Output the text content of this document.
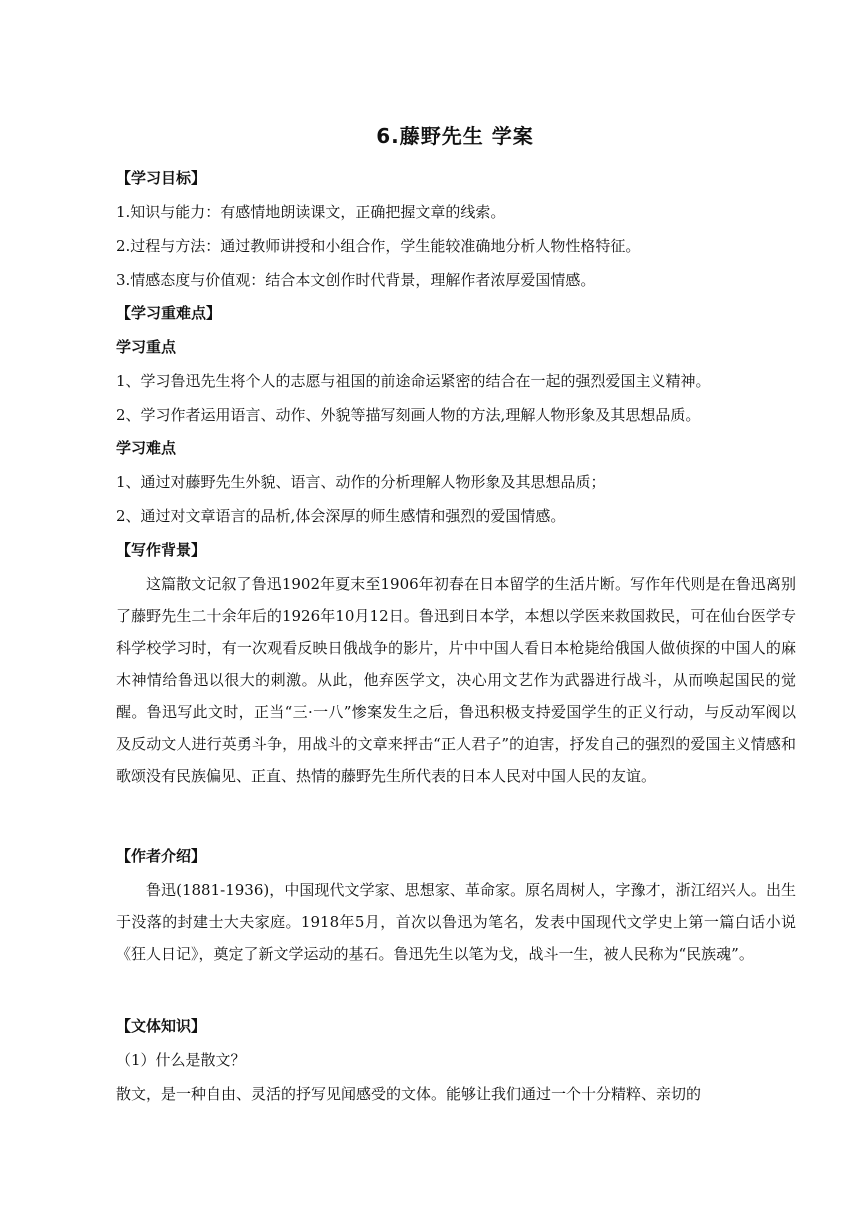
6.藤野先生 学案
【学习目标】
1.知识与能力：有感情地朗读课文，正确把握文章的线索。
2.过程与方法：通过教师讲授和小组合作，学生能较准确地分析人物性格特征。
3.情感态度与价值观：结合本文创作时代背景，理解作者浓厚爱国情感。
【学习重难点】
学习重点
1、学习鲁迅先生将个人的志愿与祖国的前途命运紧密的结合在一起的强烈爱国主义精神。
2、学习作者运用语言、动作、外貌等描写刻画人物的方法,理解人物形象及其思想品质。
学习难点
1、通过对藤野先生外貌、语言、动作的分析理解人物形象及其思想品质；
2、通过对文章语言的品析,体会深厚的师生感情和强烈的爱国情感。
【写作背景】
这篇散文记叙了鲁迅1902年夏末至1906年初春在日本留学的生活片断。写作年代则是在鲁迅离别了藤野先生二十余年后的1926年10月12日。鲁迅到日本学，本想以学医来救国救民，可在仙台医学专科学校学习时，有一次观看反映日俄战争的影片，片中中国人看日本枪毙给俄国人做侦探的中国人的麻木神情给鲁迅以很大的刺激。从此，他弃医学文，决心用文艺作为武器进行战斗，从而唤起国民的觉醒。鲁迅写此文时，正当“三·一八”惨案发生之后，鲁迅积极支持爱国学生的正义行动，与反动军阀以及反动文人进行英勇斗争，用战斗的文章来抨击“正人君子”的迫害，抒发自己的强烈的爱国主义情感和歌颂没有民族偏见、正直、热情的藤野先生所代表的日本人民对中国人民的友谊。
【作者介绍】
鲁迅(1881-1936)，中国现代文学家、思想家、革命家。原名周树人，字豫才，浙江绍兴人。出生于没落的封建士大夫家庭。1918年5月，首次以鲁迅为笔名，发表中国现代文学史上第一篇白话小说《狂人日记》，奠定了新文学运动的基石。鲁迅先生以笔为戈，战斗一生，被人民称为“民族魂”。
【文体知识】
（1）什么是散文？
散文，是一种自由、灵活的抒写见闻感受的文体。能够让我们通过一个十分精粹、亲切的
